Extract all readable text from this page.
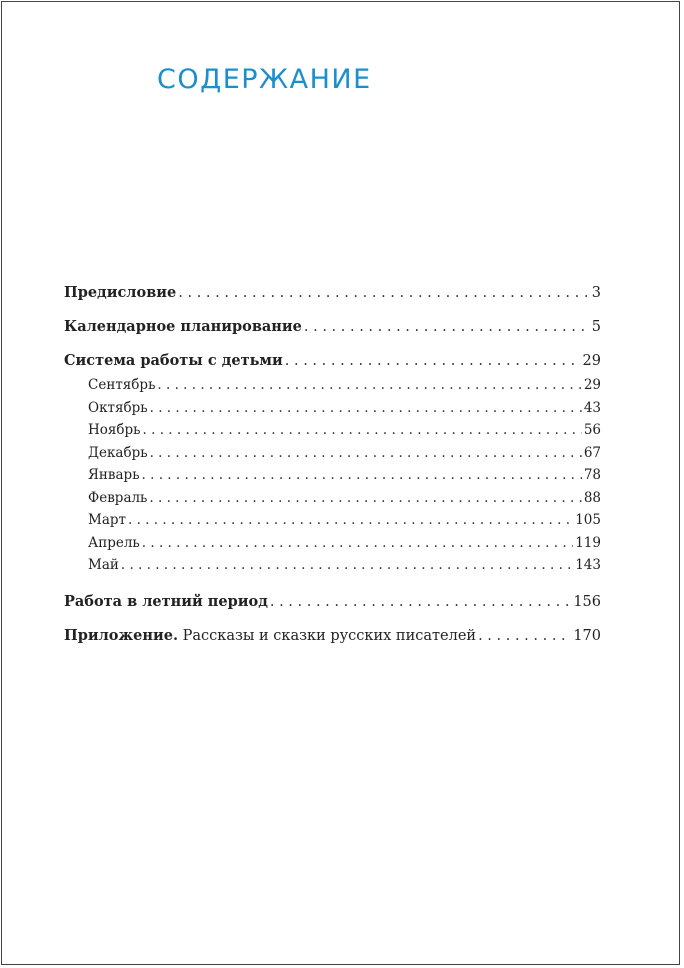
СОДЕРЖАНИЕ
Предисловие . . .	3
Календарное планирование . . .	5
Система работы с детьми . . .	29
Сентябрь . . .	29
Октябрь . . .	43
Ноябрь . . .	56
Декабрь . . .	67
Январь . . .	78
Февраль . . .	88
Март . . .	105
Апрель . . .	119
Май . . .	143
Работа в летний период . . .	156
Приложение. Рассказы и сказки русских писателей . . .	170
